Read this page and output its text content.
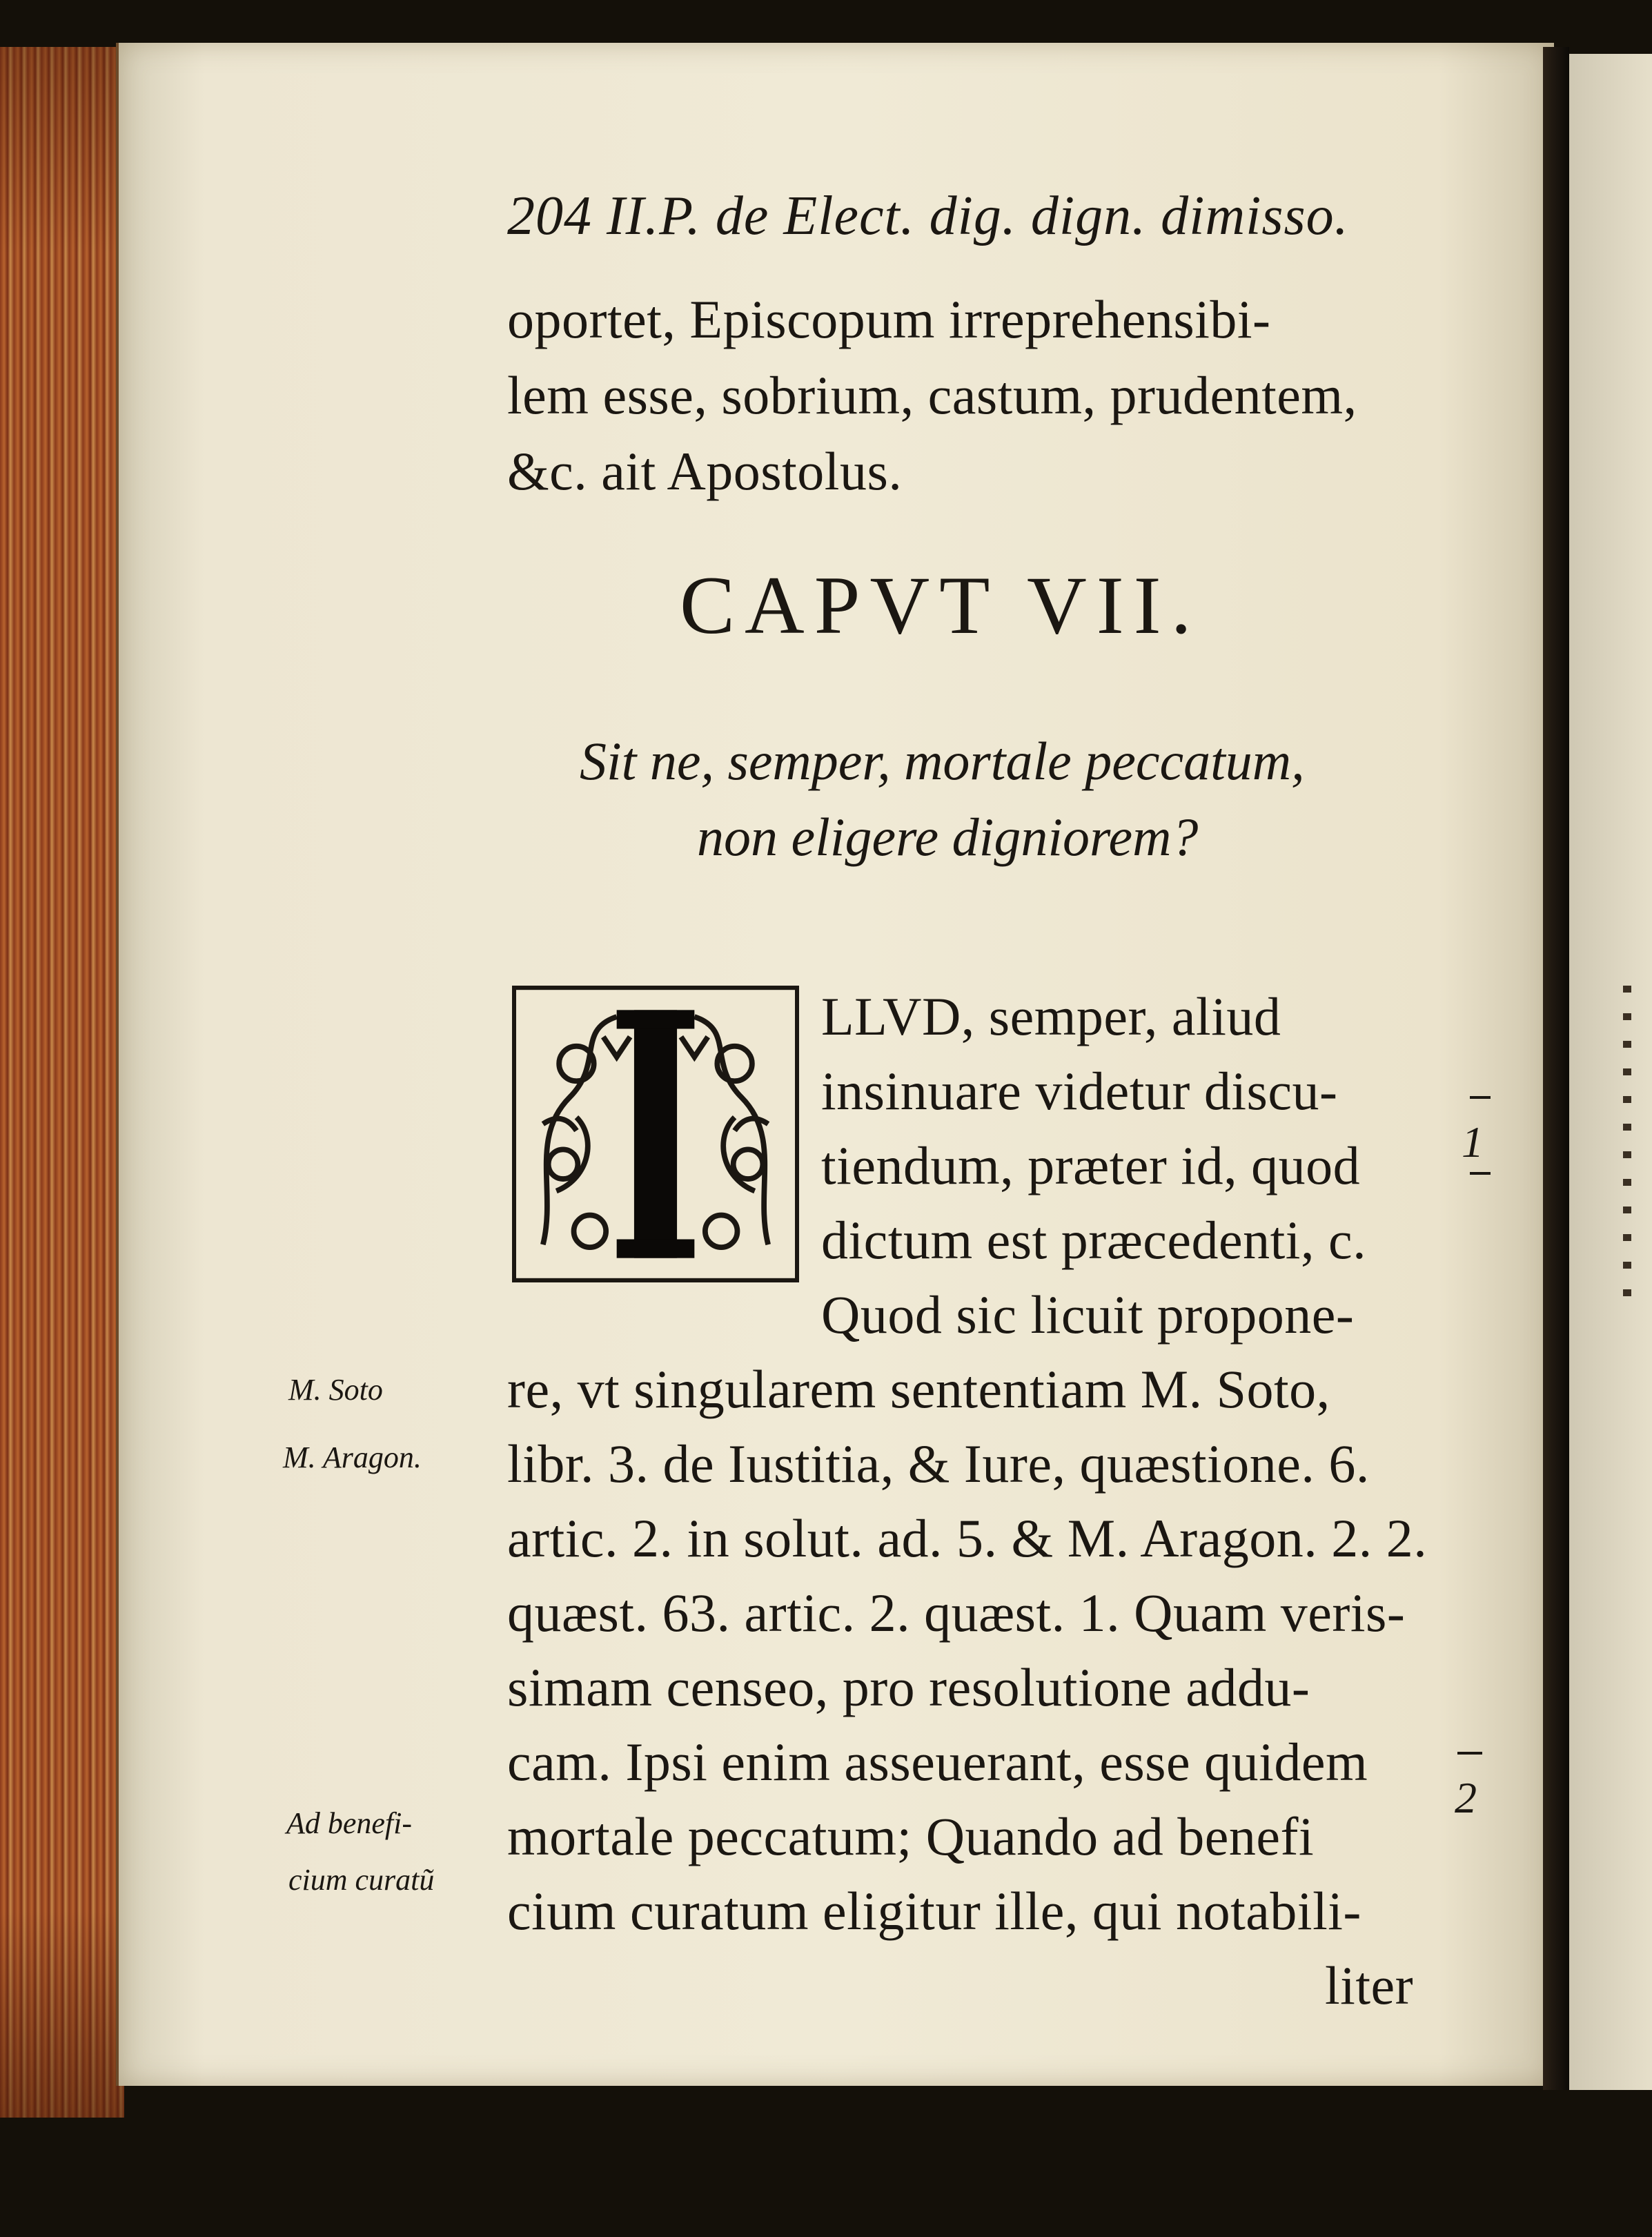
204 II.P. de Elect. dig. dign. dimisso.
oportet, Episcopum irreprehensibi-
lem esse, sobrium, castum, prudentem,
&c. ait Apostolus.
CAPVT VII.
Sit ne, semper, mortale peccatum,
non eligere digniorem?
LLVD, semper, aliud
insinuare videtur discu-
tiendum, præter id, quod
dictum est præcedenti, c.
Quod sic licuit propone-
re, vt singularem sententiam M. Soto,
libr. 3. de Iustitia, & Iure, quæstione. 6.
artic. 2. in solut. ad. 5. & M. Aragon. 2. 2.
quæst. 63. artic. 2. quæst. 1. Quam veris-
simam censeo, pro resolutione addu-
cam. Ipsi enim asseuerant, esse quidem
mortale peccatum; Quando ad benefi
cium curatum eligitur ille, qui notabili-
liter
M. Soto
M. Aragon.
Ad benefi-
cium curatũ
1
2
